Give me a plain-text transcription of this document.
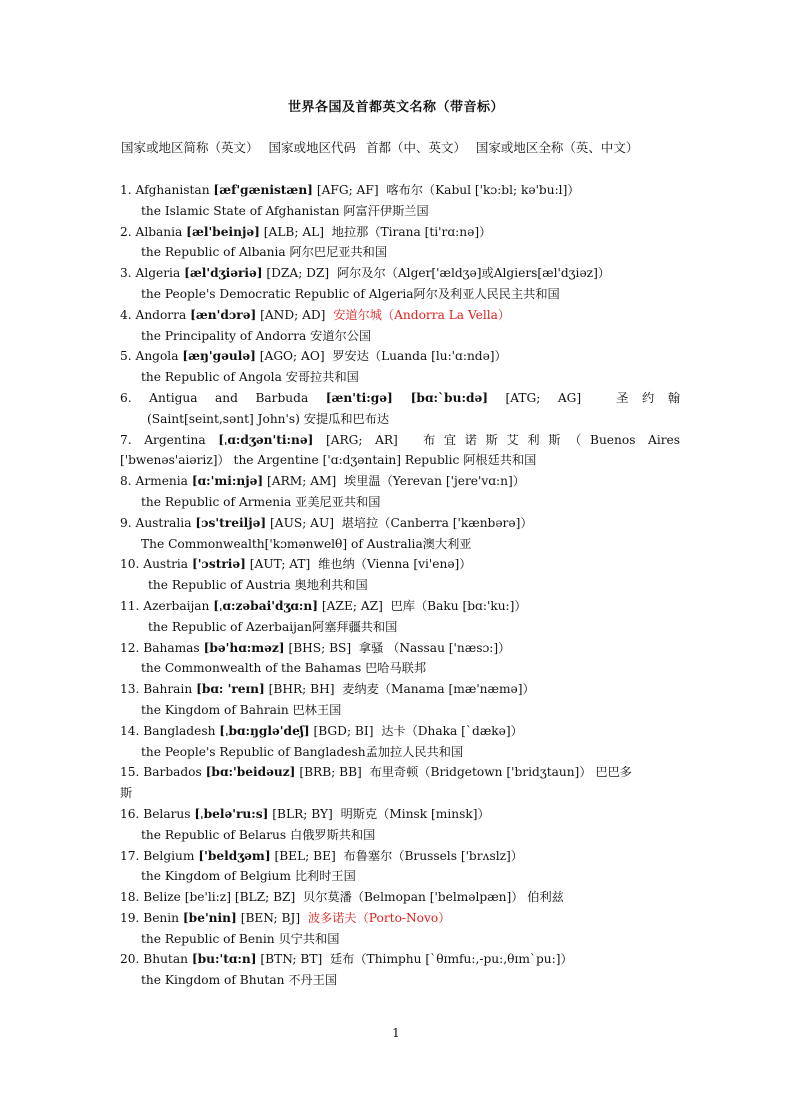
世界各国及首都英文名称（带音标）
国家或地区简称（英文） 国家或地区代码 首都（中、英文） 国家或地区全称（英、中文）
1. Afghanistan [æf'gænistæn] [AFG; AF] 喀布尔（Kabul ['kɔ:bl; kə'bu:l]）
the Islamic State of Afghanistan 阿富汗伊斯兰国
2. Albania [æl'beinjə] [ALB; AL] 地拉那（Tirana [ti'rɑ:nə]）
the Republic of Albania 阿尔巴尼亚共和国
3. Algeria [æl'dʒiəriə] [DZA; DZ] 阿尔及尔（Alger['ældʒə]或Algiers[æl'dʒiəz]）
the People's Democratic Republic of Algeria阿尔及利亚人民民主共和国
4. Andorra [æn'dɔrə] [AND; AD] 安道尔城（Andorra La Vella）
the Principality of Andorra 安道尔公国
5. Angola [æŋ'gəulə] [AGO; AO] 罗安达（Luanda [lu:'ɑ:ndə]）
the Republic of Angola 安哥拉共和国
6. Antigua and Barbuda [æn'ti:gə] [bɑ:`bu:də] [ATG; AG]	圣约翰
(Saint[seint,sənt] John's) 安提瓜和巴布达
7. Argentina [ˌɑ:dʒən'ti:nə] [ARG; AR] 布宜诺斯艾利斯（Buenos Aires
['bwenəs'aiəriz]） the Argentine ['ɑ:dʒəntain] Republic 阿根廷共和国
8. Armenia [ɑ:'mi:njə] [ARM; AM] 埃里温（Yerevan ['jere'vɑ:n]）
the Republic of Armenia 亚美尼亚共和国
9. Australia [ɔs'treiljə] [AUS; AU] 堪培拉（Canberra ['kænbərə]）
The Commonwealth['kɔmənwelθ] of Australia澳大利亚
10. Austria ['ɔstriə] [AUT; AT] 维也纳（Vienna [vi'enə]）
the Republic of Austria 奥地利共和国
11. Azerbaijan [ˌɑ:zəbai'dʒɑ:n] [AZE; AZ] 巴库（Baku [bɑ:'ku:]）
the Republic of Azerbaijan阿塞拜疆共和国
12. Bahamas [bə'hɑ:məz] [BHS; BS] 拿骚 （Nassau ['næsɔ:]）
the Commonwealth of the Bahamas 巴哈马联邦
13. Bahrain [bɑ: 'reɪn] [BHR; BH] 麦纳麦（Manama [mæ'næmə]）
the Kingdom of Bahrain 巴林王国
14. Bangladesh [ˌbɑ:ŋglə'deʃ] [BGD; BI] 达卡（Dhaka [`dækə]）
the People's Republic of Bangladesh孟加拉人民共和国
15. Barbados [bɑ:'beidəuz] [BRB; BB] 布里奇顿（Bridgetown ['bridʒtaun]） 巴巴多
斯
16. Belarus [ˌbelə'ru:s] [BLR; BY] 明斯克（Minsk [minsk]）
the Republic of Belarus 白俄罗斯共和国
17. Belgium ['beldʒəm] [BEL; BE] 布鲁塞尔（Brussels ['brʌslz]）
the Kingdom of Belgium 比利时王国
18. Belize [be'li:z] [BLZ; BZ] 贝尔莫潘（Belmopan ['belməlpæn]） 伯利兹
19. Benin [be'nin] [BEN; BJ] 波多诺夫（Porto-Novo）
the Republic of Benin 贝宁共和国
20. Bhutan [bu:'tɑ:n] [BTN; BT] 廷布（Thimphu [`θɪmfu:,-pu:,θɪm`pu:]）
the Kingdom of Bhutan 不丹王国
1
